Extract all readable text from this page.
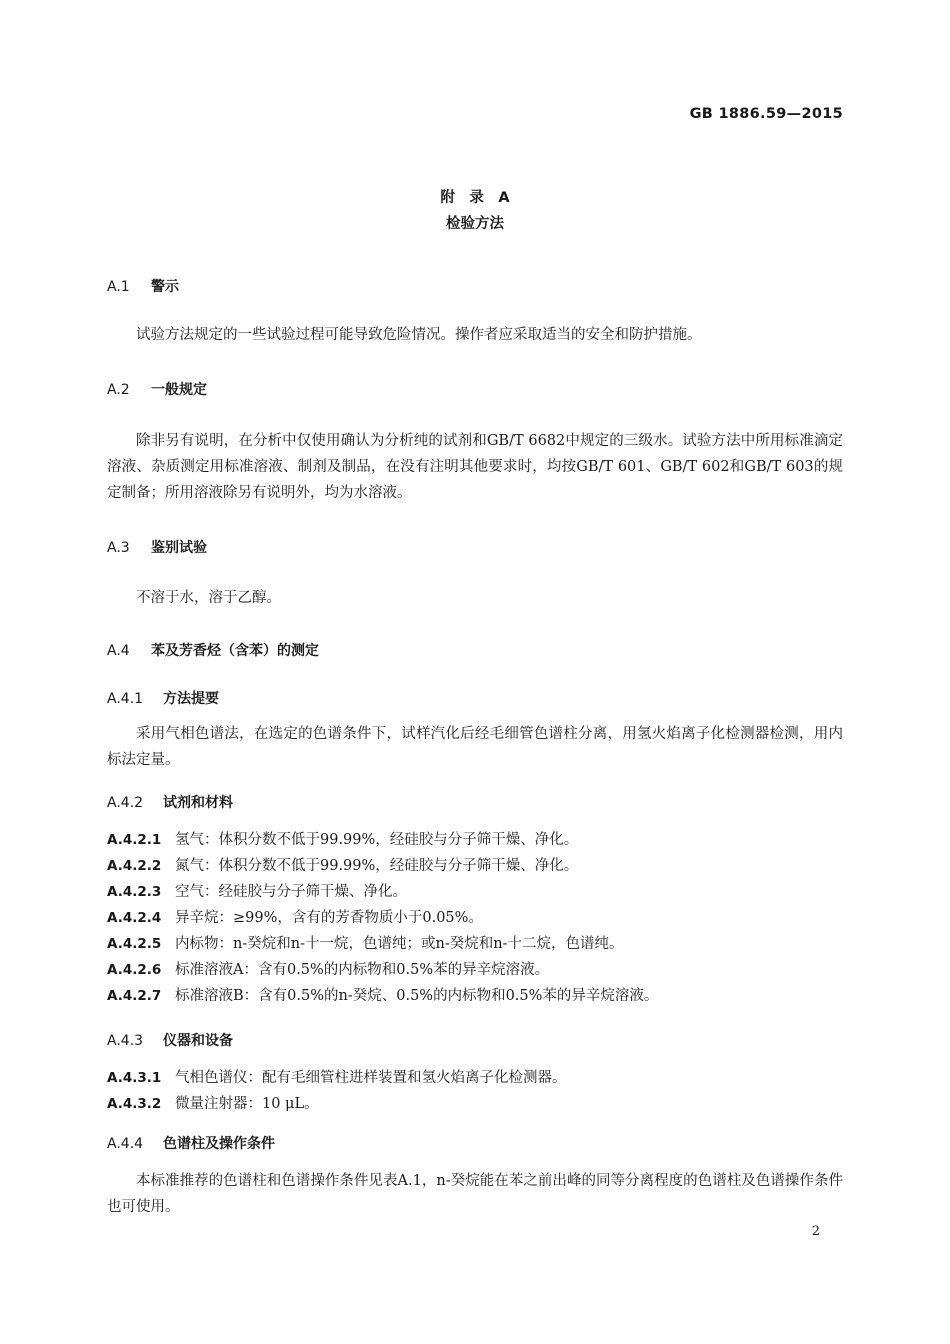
GB 1886.59—2015
附　录　A
检验方法
A.1 警示
试验方法规定的一些试验过程可能导致危险情况。操作者应采取适当的安全和防护措施。
A.2 一般规定
除非另有说明，在分析中仅使用确认为分析纯的试剂和GB/T 6682中规定的三级水。试验方法中所用标准滴定溶液、杂质测定用标准溶液、制剂及制品，在没有注明其他要求时，均按GB/T 601、GB/T 602和GB/T 603的规定制备；所用溶液除另有说明外，均为水溶液。
A.3 鉴别试验
不溶于水，溶于乙醇。
A.4 苯及芳香烃（含苯）的测定
A.4.1 方法提要
采用气相色谱法，在选定的色谱条件下，试样汽化后经毛细管色谱柱分离，用氢火焰离子化检测器检测，用内标法定量。
A.4.2 试剂和材料
A.4.2.1 氢气：体积分数不低于99.99%，经硅胶与分子筛干燥、净化。
A.4.2.2 氮气：体积分数不低于99.99%，经硅胶与分子筛干燥、净化。
A.4.2.3 空气：经硅胶与分子筛干燥、净化。
A.4.2.4 异辛烷：≥99%，含有的芳香物质小于0.05%。
A.4.2.5 内标物：n-癸烷和n-十一烷，色谱纯；或n-癸烷和n-十二烷，色谱纯。
A.4.2.6 标准溶液A：含有0.5%的内标物和0.5%苯的异辛烷溶液。
A.4.2.7 标准溶液B：含有0.5%的n-癸烷、0.5%的内标物和0.5%苯的异辛烷溶液。
A.4.3 仪器和设备
A.4.3.1 气相色谱仪：配有毛细管柱进样装置和氢火焰离子化检测器。
A.4.3.2 微量注射器：10 μL。
A.4.4 色谱柱及操作条件
本标准推荐的色谱柱和色谱操作条件见表A.1，n-癸烷能在苯之前出峰的同等分离程度的色谱柱及色谱操作条件也可使用。
2
